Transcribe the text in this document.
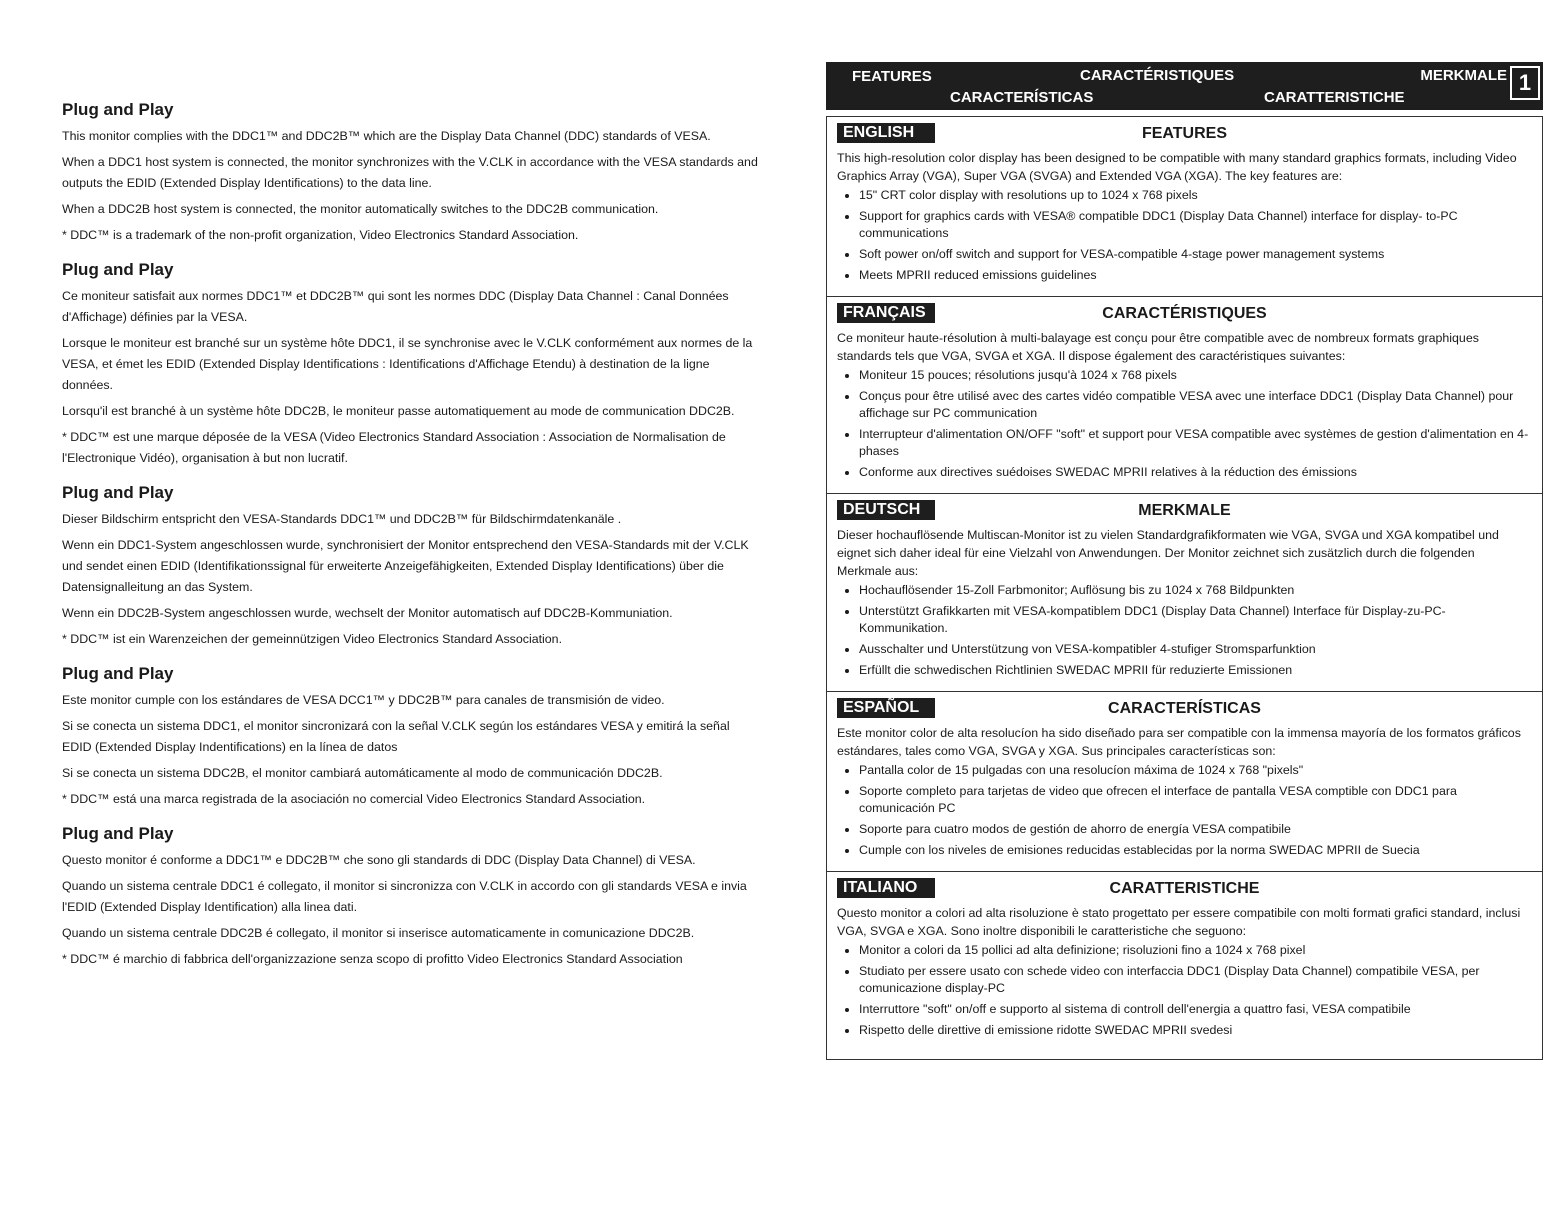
Plug and Play

This monitor complies with the DDC1™ and DDC2B™ which are the Display Data Channel (DDC) standards of VESA.

When a DDC1 host system is connected, the monitor synchronizes with the V.CLK in accordance with the VESA standards and outputs the EDID (Extended Display Identifications) to the data line.

When a DDC2B host system is connected, the monitor automatically switches to the DDC2B communication.

* DDC™ is a trademark of the non-profit organization, Video Electronics Standard Association.

Plug and Play

Ce moniteur satisfait aux normes DDC1™ et DDC2B™ qui sont les normes DDC (Display Data Channel : Canal Données d'Affichage) définies par la VESA.

Lorsque le moniteur est branché sur un système hôte DDC1, il se synchronise avec le V.CLK conformément aux normes de la VESA, et émet les EDID (Extended Display Identifications : Identifications d'Affichage Etendu) à destination de la ligne données.

Lorsqu'il est branché à un système hôte DDC2B, le moniteur passe automatiquement au mode de communication DDC2B.

* DDC™ est une marque déposée de la VESA (Video Electronics Standard Association : Association de Normalisation de l'Electronique Vidéo), organisation à but non lucratif.

Plug and Play

Dieser Bildschirm entspricht den VESA-Standards DDC1™ und DDC2B™ für Bildschirmdatenkanäle .

Wenn ein DDC1-System angeschlossen wurde, synchronisiert der Monitor entsprechend den VESA-Standards mit der V.CLK und sendet einen EDID (Identifikationssignal für erweiterte Anzeigefähigkeiten, Extended Display Identifications) über die Datensignalleitung an das System.

Wenn ein DDC2B-System angeschlossen wurde, wechselt der Monitor automatisch auf DDC2B-Kommuniation.

* DDC™ ist ein Warenzeichen der gemeinnützigen Video Electronics Standard Association.

Plug and Play

Este monitor cumple con los estándares de VESA DCC1™ y DDC2B™ para canales de transmisión de video.

Si se conecta un sistema DDC1, el monitor sincronizará con la señal V.CLK según los estándares VESA y emitirá la señal EDID (Extended Display Indentifications) en la línea de datos

Si se conecta un sistema DDC2B, el monitor cambiará automáticamente al modo de communicación DDC2B.

* DDC™ está una marca registrada de la asociación no comercial Video Electronics Standard Association.

Plug and Play

Questo monitor é conforme a DDC1™ e DDC2B™ che sono gli standards di DDC (Display Data Channel) di VESA.

Quando un sistema centrale DDC1 é collegato, il monitor si sincronizza con V.CLK in accordo con gli standards VESA e invia l'EDID (Extended Display Identification) alla linea dati.

Quando un sistema centrale DDC2B é collegato, il monitor si inserisce automaticamente in comunicazione DDC2B.

* DDC™ é marchio di fabbrica dell'organizzazione senza scopo di profitto Video Electronics Standard Association

FEATURES	CARACTÉRISTIQUES	MERKMALE
CARACTERÍSTICAS	CARATTERISTICHE
1
ENGLISH	FEATURES

This high-resolution color display has been designed to be compatible with many standard graphics formats, including Video Graphics Array (VGA), Super VGA (SVGA) and Extended VGA (XGA). The key features are:

• 15" CRT color display with resolutions up to 1024 x 768 pixels
• Support for graphics cards with VESA® compatible DDC1 (Display Data Channel) interface for display- to-PC communications
• Soft power on/off switch and support for VESA-compatible 4-stage power management systems
• Meets MPRII reduced emissions guidelines
FRANÇAIS	CARACTÉRISTIQUES

Ce moniteur haute-résolution à multi-balayage est conçu pour être compatible avec de nombreux formats graphiques standards tels que VGA, SVGA et XGA. Il dispose également des caractéristiques suivantes:

• Moniteur 15 pouces; résolutions jusqu'à 1024 x 768 pixels
• Conçus pour être utilisé avec des cartes vidéo compatible VESA avec une interface DDC1 (Display Data Channel) pour affichage sur PC communication
• Interrupteur d'alimentation ON/OFF "soft" et support pour VESA compatible avec systèmes de gestion d'alimentation en 4-phases
• Conforme aux directives suédoises SWEDAC MPRII relatives à la réduction des émissions
DEUTSCH	MERKMALE

Dieser hochauflösende Multiscan-Monitor ist zu vielen Standardgrafikformaten wie VGA, SVGA und XGA kompatibel und eignet sich daher ideal für eine Vielzahl von Anwendungen. Der Monitor zeichnet sich zusätzlich durch die folgenden Merkmale aus:

• Hochauflösender 15-Zoll Farbmonitor; Auflösung bis zu 1024 x 768 Bildpunkten
• Unterstützt Grafikkarten mit VESA-kompatiblem DDC1 (Display Data Channel) Interface für Display-zu-PC-Kommunikation.
• Ausschalter und Unterstützung von VESA-kompatibler 4-stufiger Stromsparfunktion
• Erfüllt die schwedischen Richtlinien SWEDAC MPRII für reduzierte Emissionen
ESPAÑOL	CARACTERÍSTICAS

Este monitor color de alta resolucíon ha sido diseñado para ser compatible con la immensa mayoría de los formatos gráficos estándares, tales como VGA, SVGA y XGA. Sus principales características son:

• Pantalla color de 15 pulgadas con una resolucíon máxima de 1024 x 768 "pixels"
• Soporte completo para tarjetas de video que ofrecen el interface de pantalla VESA comptible con DDC1 para comunicación PC
• Soporte para cuatro modos de gestión de ahorro de energía VESA compatibile
• Cumple con los niveles de emisiones reducidas establecidas por la norma SWEDAC MPRII de Suecia
ITALIANO	CARATTERISTICHE

Questo monitor a colori ad alta risoluzione è stato progettato per essere compatibile con molti formati grafici standard, inclusi VGA, SVGA e XGA. Sono inoltre disponibili le caratteristiche che seguono:

• Monitor a colori da 15 pollici ad alta definizione; risoluzioni fino a 1024 x 768 pixel
• Studiato per essere usato con schede video con interfaccia DDC1 (Display Data Channel) compatibile VESA, per comunicazione display-PC
• Interruttore "soft" on/off e supporto al sistema di controll dell'energia a quattro fasi, VESA compatibile
• Rispetto delle direttive di emissione ridotte SWEDAC MPRII svedesi
